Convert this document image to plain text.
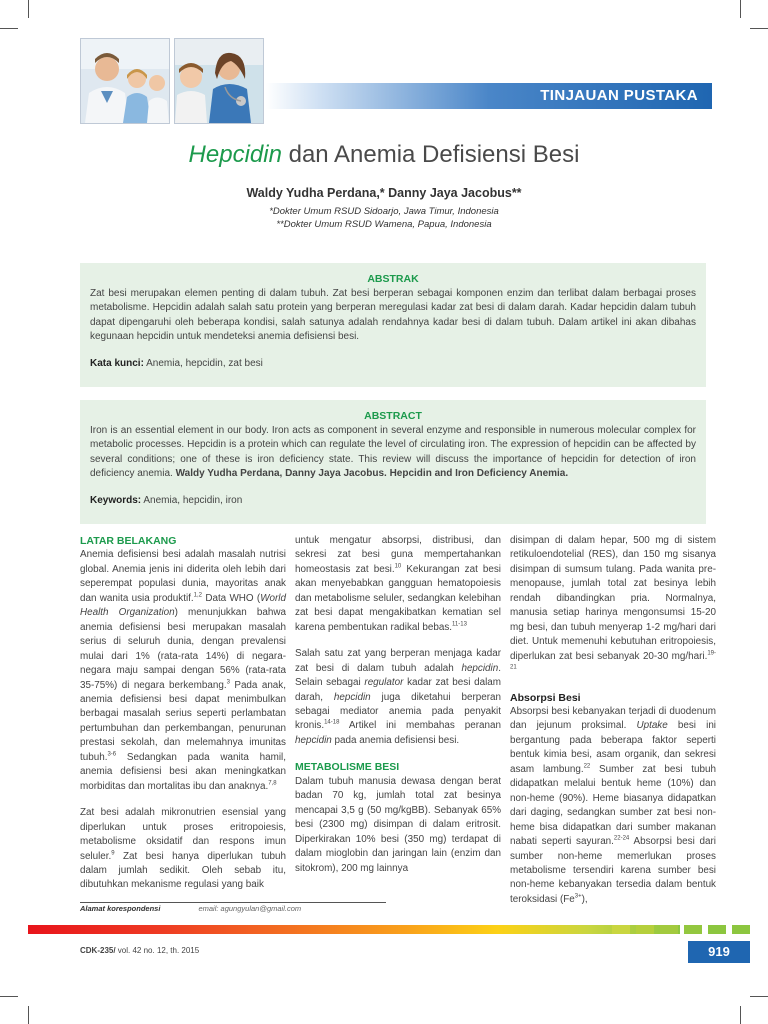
TINJAUAN PUSTAKA
Hepcidin dan Anemia Defisiensi Besi
Waldy Yudha Perdana,* Danny Jaya Jacobus**
*Dokter Umum RSUD Sidoarjo, Jawa Timur, Indonesia
**Dokter Umum RSUD Wamena, Papua, Indonesia
ABSTRAK

Zat besi merupakan elemen penting di dalam tubuh. Zat besi berperan sebagai komponen enzim dan terlibat dalam berbagai proses metabolisme. Hepcidin adalah salah satu protein yang berperan meregulasi kadar zat besi di dalam darah. Kadar hepcidin dalam tubuh dapat dipengaruhi oleh beberapa kondisi, salah satunya adalah rendahnya kadar besi di dalam tubuh. Dalam artikel ini akan dibahas kegunaan hepcidin untuk mendeteksi anemia defisiensi besi.

Kata kunci: Anemia, hepcidin, zat besi

ABSTRACT

Iron is an essential element in our body. Iron acts as component in several enzyme and responsible in numerous molecular complex for metabolic processes. Hepcidin is a protein which can regulate the level of circulating iron. The expression of hepcidin can be affected by several conditions; one of these is iron deficiency state. This review will discuss the importance of hepcidin for detection of iron deficiency anemia. Waldy Yudha Perdana, Danny Jaya Jacobus. Hepcidin and Iron Deficiency Anemia.

Keywords: Anemia, hepcidin, iron

LATAR BELAKANG

Anemia defisiensi besi adalah masalah nutrisi global. Anemia jenis ini diderita oleh lebih dari seperempat populasi dunia, mayoritas anak dan wanita usia produktif.$^{1,2}$ Data WHO (World Health Organization) menunjukkan bahwa anemia defisiensi besi merupakan masalah serius di seluruh dunia, dengan prevalensi mulai dari 1% (rata-rata 14%) di negara-negara maju sampai dengan 56% (rata-rata 35-75%) di negara berkembang.$^3$ Pada anak, anemia defisiensi besi dapat menimbulkan berbagai masalah serius seperti perlambatan pertumbuhan dan perkembangan, penurunan prestasi sekolah, dan melemahnya imunitas tubuh.$^{3-6}$ Sedangkan pada wanita hamil, anemia defisiensi besi akan meningkatkan morbiditas dan mortalitas ibu dan anaknya.$^{7,8}$

Zat besi adalah mikronutrien esensial yang diperlukan untuk proses eritropoiesis, metabolisme oksidatif dan respons imun seluler.$^9$ Zat besi hanya diperlukan tubuh dalam jumlah sedikit. Oleh sebab itu, dibutuhkan mekanisme regulasi yang baik

untuk mengatur absorpsi, distribusi, dan sekresi zat besi guna mempertahankan homeostasis zat besi.$^{10}$ Kekurangan zat besi akan menyebabkan gangguan hematopoiesis dan metabolisme seluler, sedangkan kelebihan zat besi dapat mengakibatkan kematian sel karena pembentukan radikal bebas.$^{11-13}$

Salah satu zat yang berperan menjaga kadar zat besi di dalam tubuh adalah hepcidin. Selain sebagai regulator kadar zat besi dalam darah, hepcidin juga diketahui berperan sebagai mediator anemia pada penyakit kronis.$^{14-18}$ Artikel ini membahas peranan hepcidin pada anemia defisiensi besi.

METABOLISME BESI

Dalam tubuh manusia dewasa dengan berat badan 70 kg, jumlah total zat besinya mencapai 3,5 g (50 mg/kgBB). Sebanyak 65% besi (2300 mg) disimpan di dalam eritrosit. Diperkirakan 10% besi (350 mg) terdapat di dalam mioglobin dan jaringan lain (enzim dan sitokrom), 200 mg lainnya

disimpan di dalam hepar, 500 mg di sistem retikuloendotelial (RES), dan 150 mg sisanya disimpan di sumsum tulang. Pada wanita pre-menopause, jumlah total zat besinya lebih rendah dibandingkan pria. Normalnya, manusia setiap harinya mengonsumsi 15-20 mg besi, dan tubuh menyerap 1-2 mg/hari dari diet. Untuk memenuhi kebutuhan eritropoiesis, diperlukan zat besi sebanyak 20-30 mg/hari.$^{19-21}$

Absorpsi Besi

Absorpsi besi kebanyakan terjadi di duodenum dan jejunum proksimal. Uptake besi ini bergantung pada beberapa faktor seperti bentuk kimia besi, asam organik, dan sekresi asam lambung.$^{22}$ Sumber zat besi tubuh didapatkan melalui bentuk heme (10%) dan non-heme (90%). Heme biasanya didapatkan dari daging, sedangkan sumber zat besi non-heme bisa didapatkan dari sumber makanan nabati seperti sayuran.$^{22-24}$ Absorpsi besi dari sumber non-heme memerlukan proses metabolisme tersendiri karena sumber besi non-heme kebanyakan tersedia dalam bentuk teroksidasi $(Fe^{3+})$,

Alamat korespondensi	email: agungyulan@gmail.com
CDK-235/ vol. 42 no. 12, th. 2015	919
